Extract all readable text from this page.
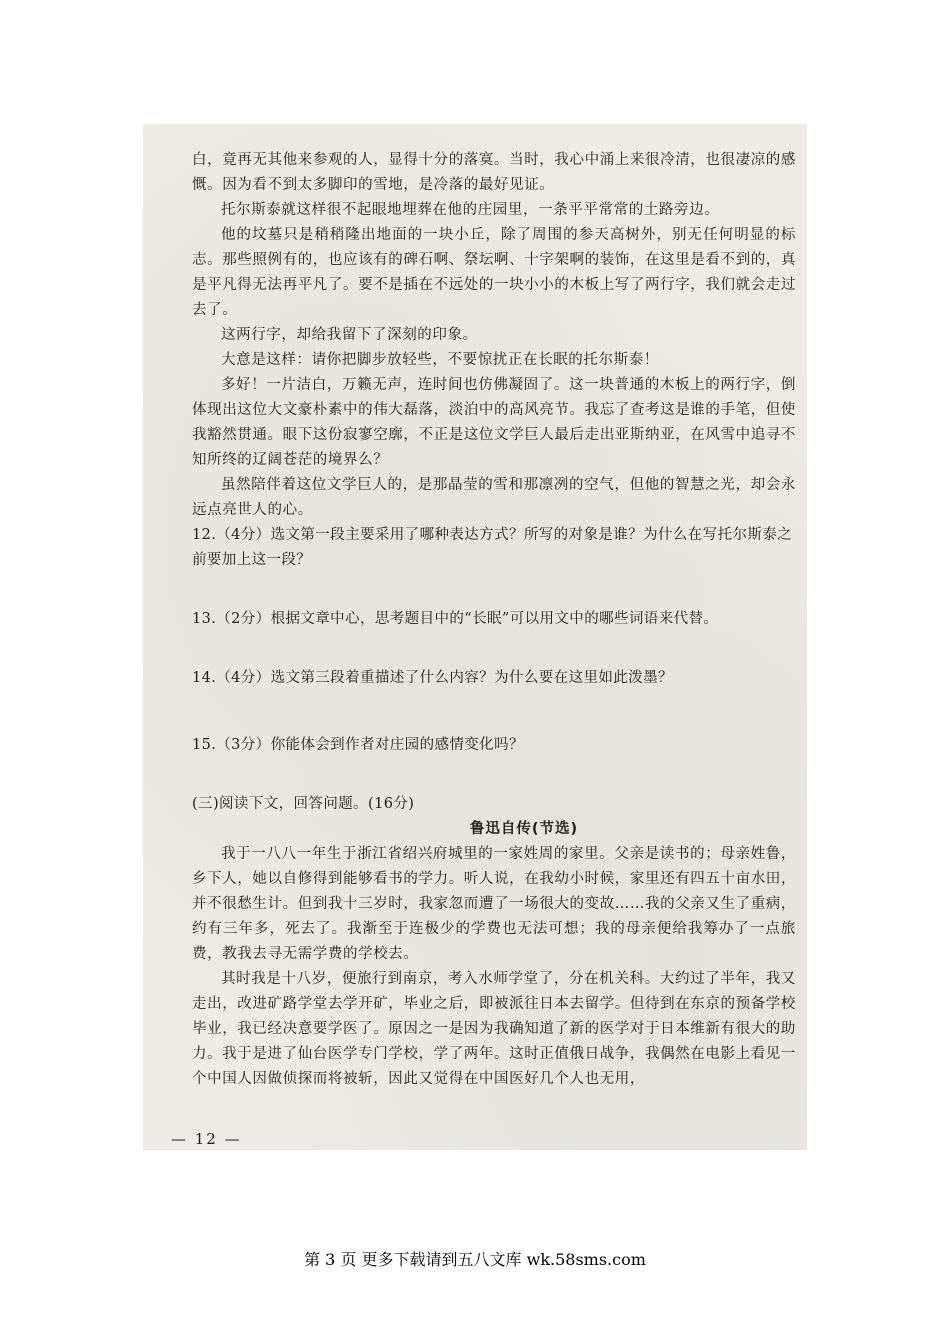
白，竟再无其他来参观的人，显得十分的落寞。当时，我心中涌上来很冷清，也很凄凉的感慨。因为看不到太多脚印的雪地，是冷落的最好见证。

托尔斯泰就这样很不起眼地埋葬在他的庄园里，一条平平常常的土路旁边。

他的坟墓只是稍稍隆出地面的一块小丘，除了周围的参天高树外，别无任何明显的标志。那些照例有的，也应该有的碑石啊、祭坛啊、十字架啊的装饰，在这里是看不到的，真是平凡得无法再平凡了。要不是插在不远处的一块小小的木板上写了两行字，我们就会走过去了。

这两行字，却给我留下了深刻的印象。

大意是这样：请你把脚步放轻些，不要惊扰正在长眠的托尔斯泰！

多好！一片洁白，万籁无声，连时间也仿佛凝固了。这一块普通的木板上的两行字，倒体现出这位大文豪朴素中的伟大磊落，淡泊中的高风亮节。我忘了查考这是谁的手笔，但使我豁然贯通。眼下这份寂寥空廓，不正是这位文学巨人最后走出亚斯纳亚，在风雪中追寻不知所终的辽阔苍茫的境界么？

虽然陪伴着这位文学巨人的，是那晶莹的雪和那凛冽的空气，但他的智慧之光，却会永远点亮世人的心。

12.（4分）选文第一段主要采用了哪种表达方式？所写的对象是谁？为什么在写托尔斯泰之前要加上这一段？

13.（2分）根据文章中心，思考题目中的“长眠”可以用文中的哪些词语来代替。

14.（4分）选文第三段着重描述了什么内容？为什么要在这里如此泼墨？

15.（3分）你能体会到作者对庄园的感情变化吗？

(三)阅读下文，回答问题。(16分)

鲁迅自传(节选)

我于一八八一年生于浙江省绍兴府城里的一家姓周的家里。父亲是读书的；母亲姓鲁，乡下人，她以自修得到能够看书的学力。听人说，在我幼小时候，家里还有四五十亩水田，并不很愁生计。但到我十三岁时，我家忽而遭了一场很大的变故……我的父亲又生了重病，约有三年多，死去了。我渐至于连极少的学费也无法可想；我的母亲便给我筹办了一点旅费，教我去寻无需学费的学校去。

其时我是十八岁，便旅行到南京，考入水师学堂了，分在机关科。大约过了半年，我又走出，改进矿路学堂去学开矿，毕业之后，即被派往日本去留学。但待到在东京的预备学校毕业，我已经决意要学医了。原因之一是因为我确知道了新的医学对于日本维新有很大的助力。我于是进了仙台医学专门学校，学了两年。这时正值俄日战争，我偶然在电影上看见一个中国人因做侦探而将被斩，因此又觉得在中国医好几个人也无用，

— 12 —
第 3 页 更多下载请到五八文库 wk.58sms.com
